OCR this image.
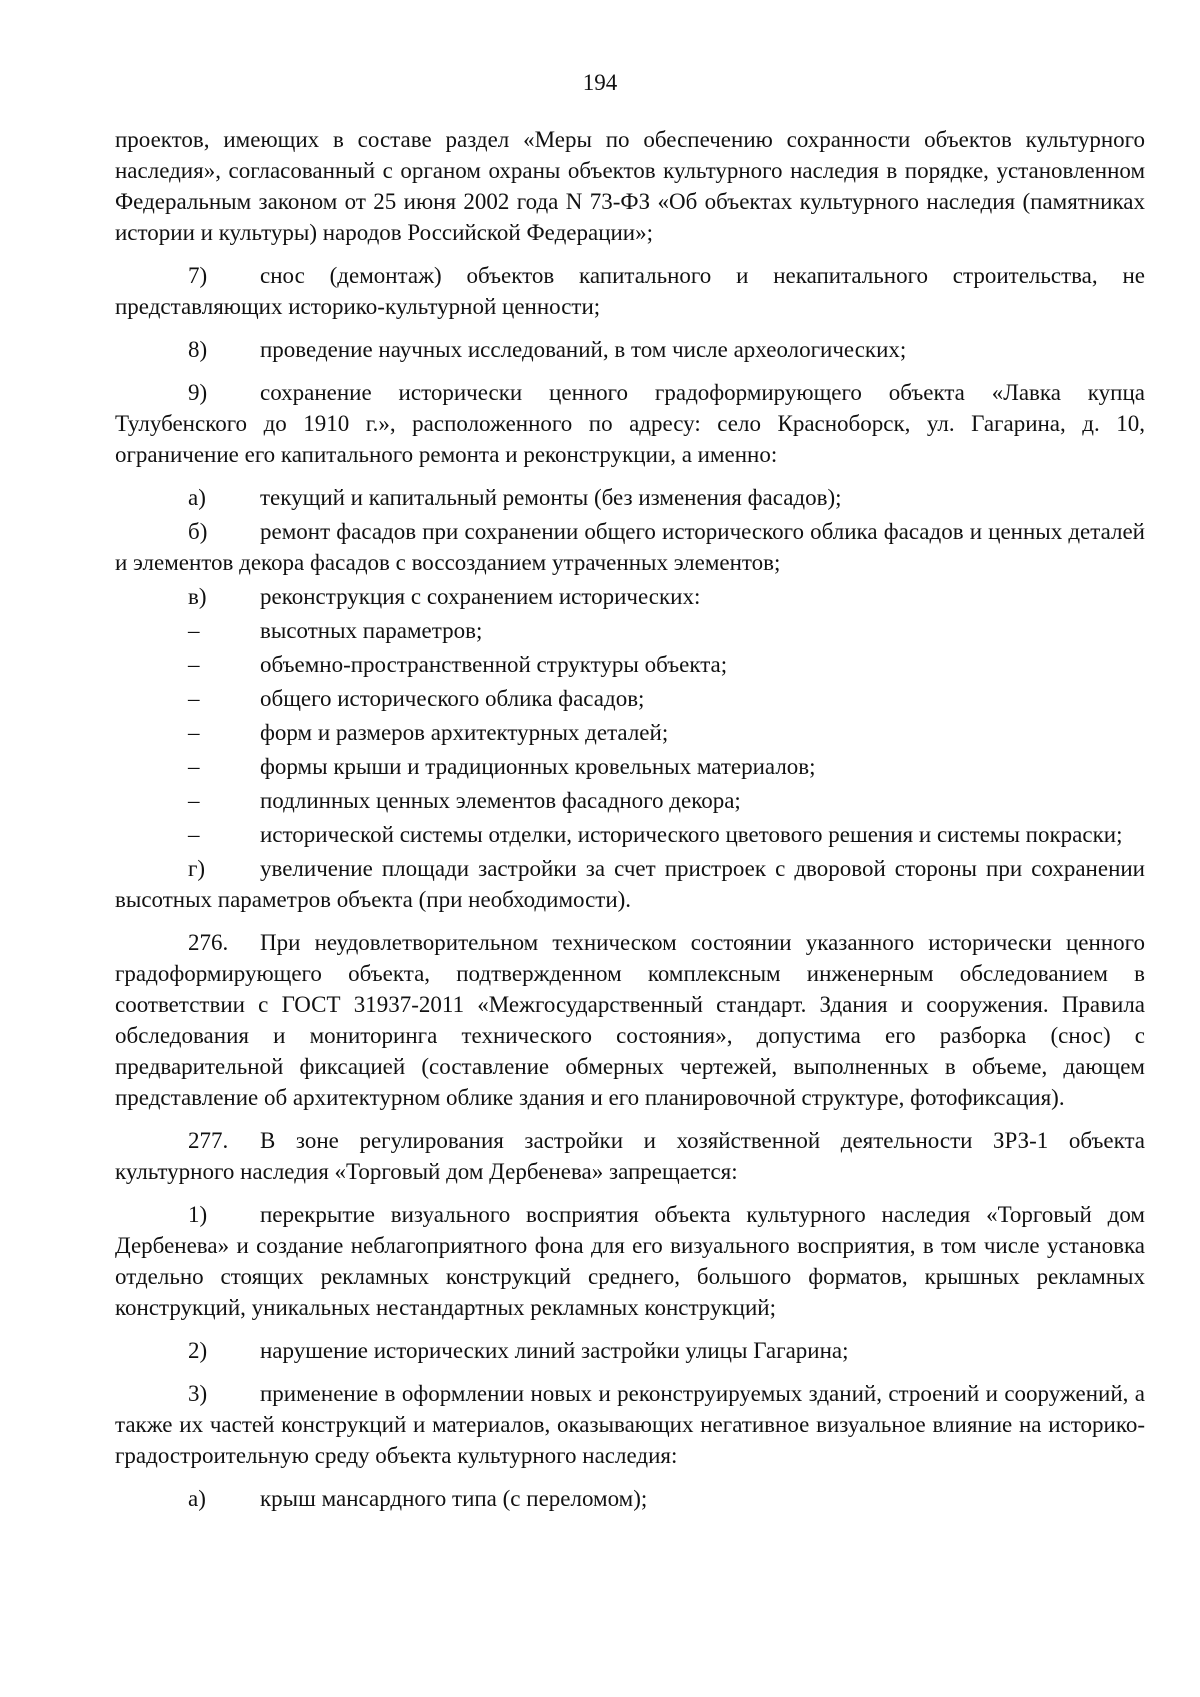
194

проектов, имеющих в составе раздел «Меры по обеспечению сохранности объектов культурного наследия», согласованный с органом охраны объектов культурного наследия в порядке, установленном Федеральным законом от 25 июня 2002 года N 73-ФЗ «Об объектах культурного наследия (памятниках истории и культуры) народов Российской Федерации»;

7) снос (демонтаж) объектов капитального и некапитального строительства, не представляющих историко-культурной ценности;

8) проведение научных исследований, в том числе археологических;

9) сохранение исторически ценного градоформирующего объекта «Лавка купца Тулубенского до 1910 г.», расположенного по адресу: село Красноборск, ул. Гагарина, д. 10, ограничение его капитального ремонта и реконструкции, а именно:

а) текущий и капитальный ремонты (без изменения фасадов);

б) ремонт фасадов при сохранении общего исторического облика фасадов и ценных деталей и элементов декора фасадов с воссозданием утраченных элементов;

в) реконструкция с сохранением исторических:

–	высотных параметров;

–	объемно-пространственной структуры объекта;

–	общего исторического облика фасадов;

–	форм и размеров архитектурных деталей;

–	формы крыши и традиционных кровельных материалов;

–	подлинных ценных элементов фасадного декора;

–	исторической системы отделки, исторического цветового решения и системы покраски;

г) увеличение площади застройки за счет пристроек с дворовой стороны при сохранении высотных параметров объекта (при необходимости).

276. При неудовлетворительном техническом состоянии указанного исторически ценного градоформирующего объекта, подтвержденном комплексным инженерным обследованием в соответствии с ГОСТ 31937-2011 «Межгосударственный стандарт. Здания и сооружения. Правила обследования и мониторинга технического состояния», допустима его разборка (снос) с предварительной фиксацией (составление обмерных чертежей, выполненных в объеме, дающем представление об архитектурном облике здания и его планировочной структуре, фотофиксация).

277. В зоне регулирования застройки и хозяйственной деятельности ЗРЗ-1 объекта культурного наследия «Торговый дом Дербенева» запрещается:

1) перекрытие визуального восприятия объекта культурного наследия «Торговый дом Дербенева» и создание неблагоприятного фона для его визуального восприятия, в том числе установка отдельно стоящих рекламных конструкций среднего, большого форматов, крышных рекламных конструкций, уникальных нестандартных рекламных конструкций;

2) нарушение исторических линий застройки улицы Гагарина;

3) применение в оформлении новых и реконструируемых зданий, строений и сооружений, а также их частей конструкций и материалов, оказывающих негативное визуальное влияние на историко-градостроительную среду объекта культурного наследия:

а) крыш мансардного типа (с переломом);
